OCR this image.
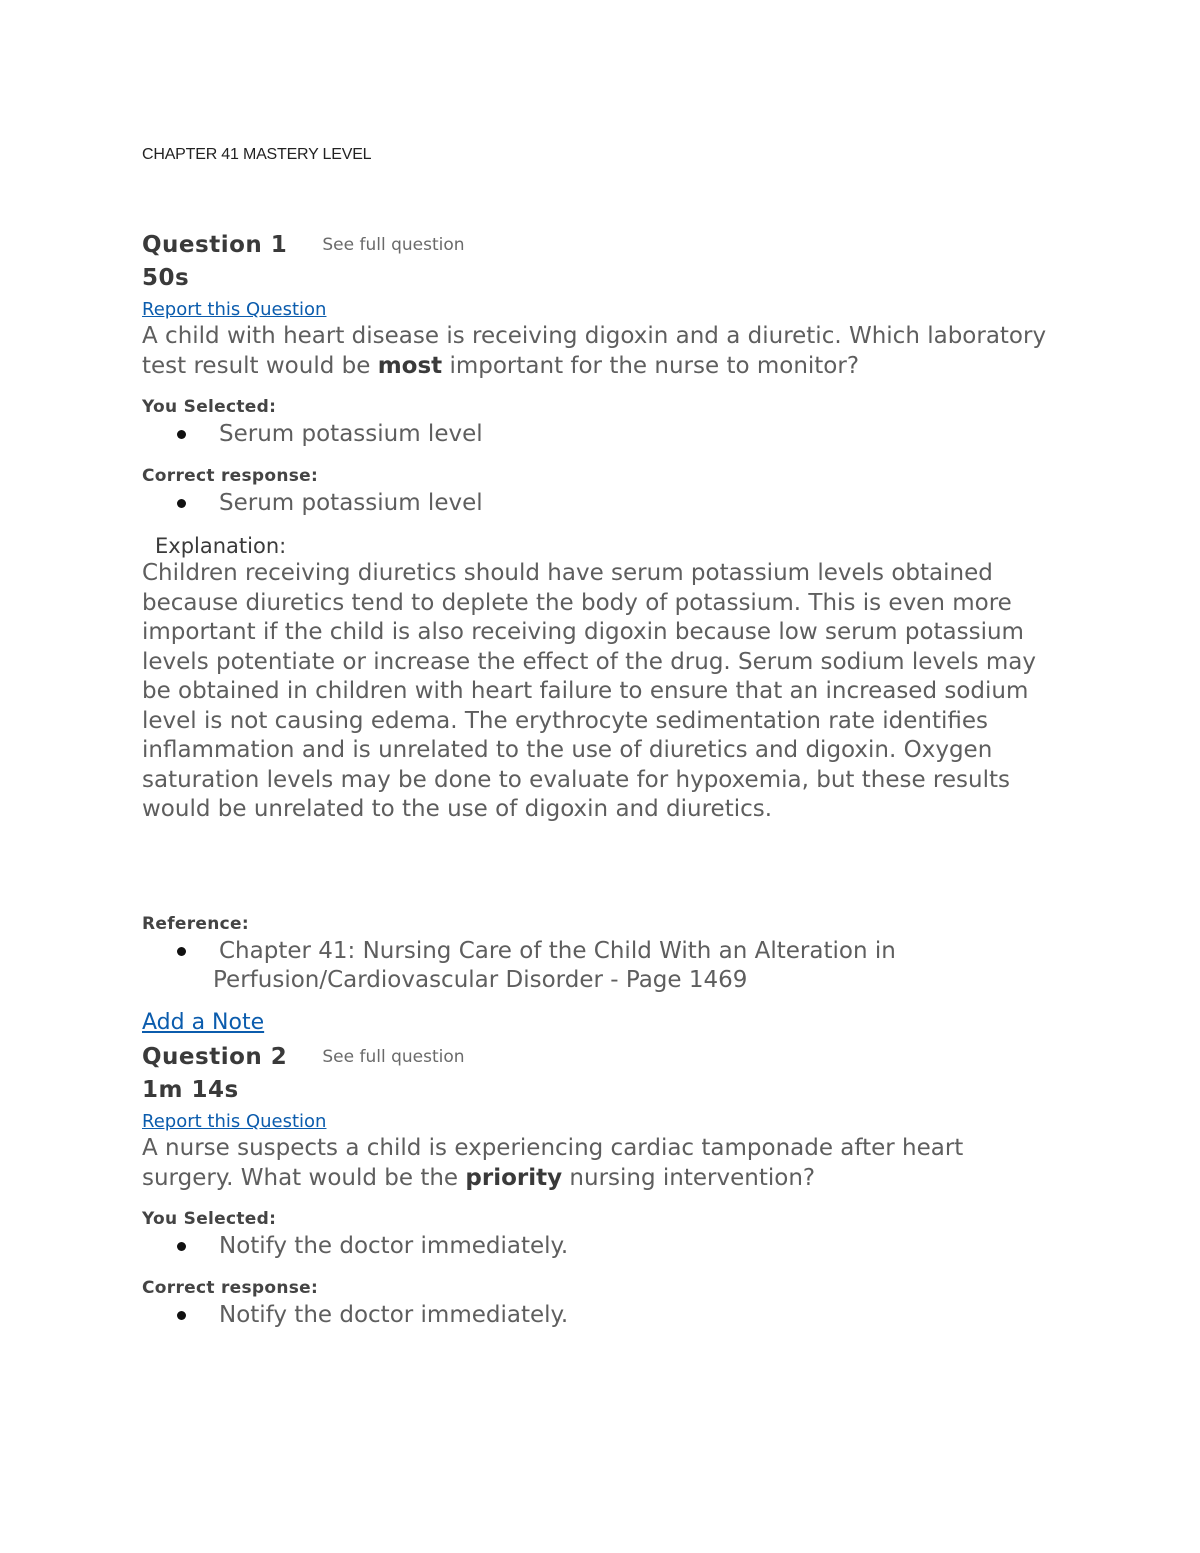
CHAPTER 41 MASTERY LEVEL
Question 1 See full question
50s
Report this Question
A child with heart disease is receiving digoxin and a diuretic. Which laboratory test result would be most important for the nurse to monitor?
You Selected:
Serum potassium level
Correct response:
Serum potassium level
Explanation:
Children receiving diuretics should have serum potassium levels obtained because diuretics tend to deplete the body of potassium. This is even more important if the child is also receiving digoxin because low serum potassium levels potentiate or increase the effect of the drug. Serum sodium levels may be obtained in children with heart failure to ensure that an increased sodium level is not causing edema. The erythrocyte sedimentation rate identifies inflammation and is unrelated to the use of diuretics and digoxin. Oxygen saturation levels may be done to evaluate for hypoxemia, but these results would be unrelated to the use of digoxin and diuretics.
Reference:
Chapter 41: Nursing Care of the Child With an Alteration in
Perfusion/Cardiovascular Disorder - Page 1469
Add a Note
Question 2 See full question
1m 14s
Report this Question
A nurse suspects a child is experiencing cardiac tamponade after heart surgery. What would be the priority nursing intervention?
You Selected:
Notify the doctor immediately.
Correct response:
Notify the doctor immediately.
